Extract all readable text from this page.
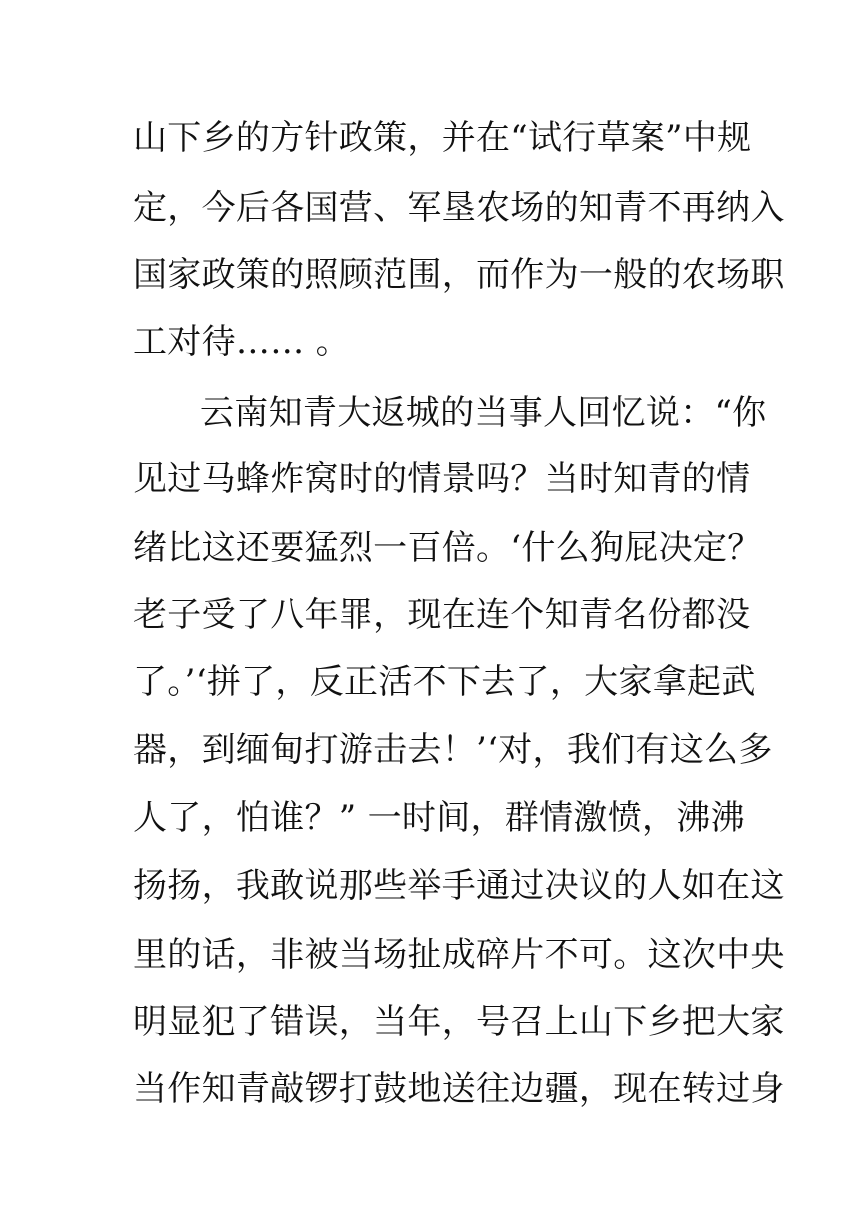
山下乡的方针政策，并在“试行草案”中规
定，今后各国营、军垦农场的知青不再纳入
国家政策的照顾范围，而作为一般的农场职
工对待…… 。
云南知青大返城的当事人回忆说：“你
见过马蜂炸窝时的情景吗？当时知青的情
绪比这还要猛烈一百倍。‘什么狗屁决定？
老子受了八年罪，现在连个知青名份都没
了。’‘拼了，反正活不下去了，大家拿起武
器，到缅甸打游击去！’‘对，我们有这么多
人了，怕谁？” 一时间，群情激愤，沸沸
扬扬，我敢说那些举手通过决议的人如在这
里的话，非被当场扯成碎片不可。这次中央
明显犯了错误，当年，号召上山下乡把大家
当作知青敲锣打鼓地送往边疆，现在转过身
